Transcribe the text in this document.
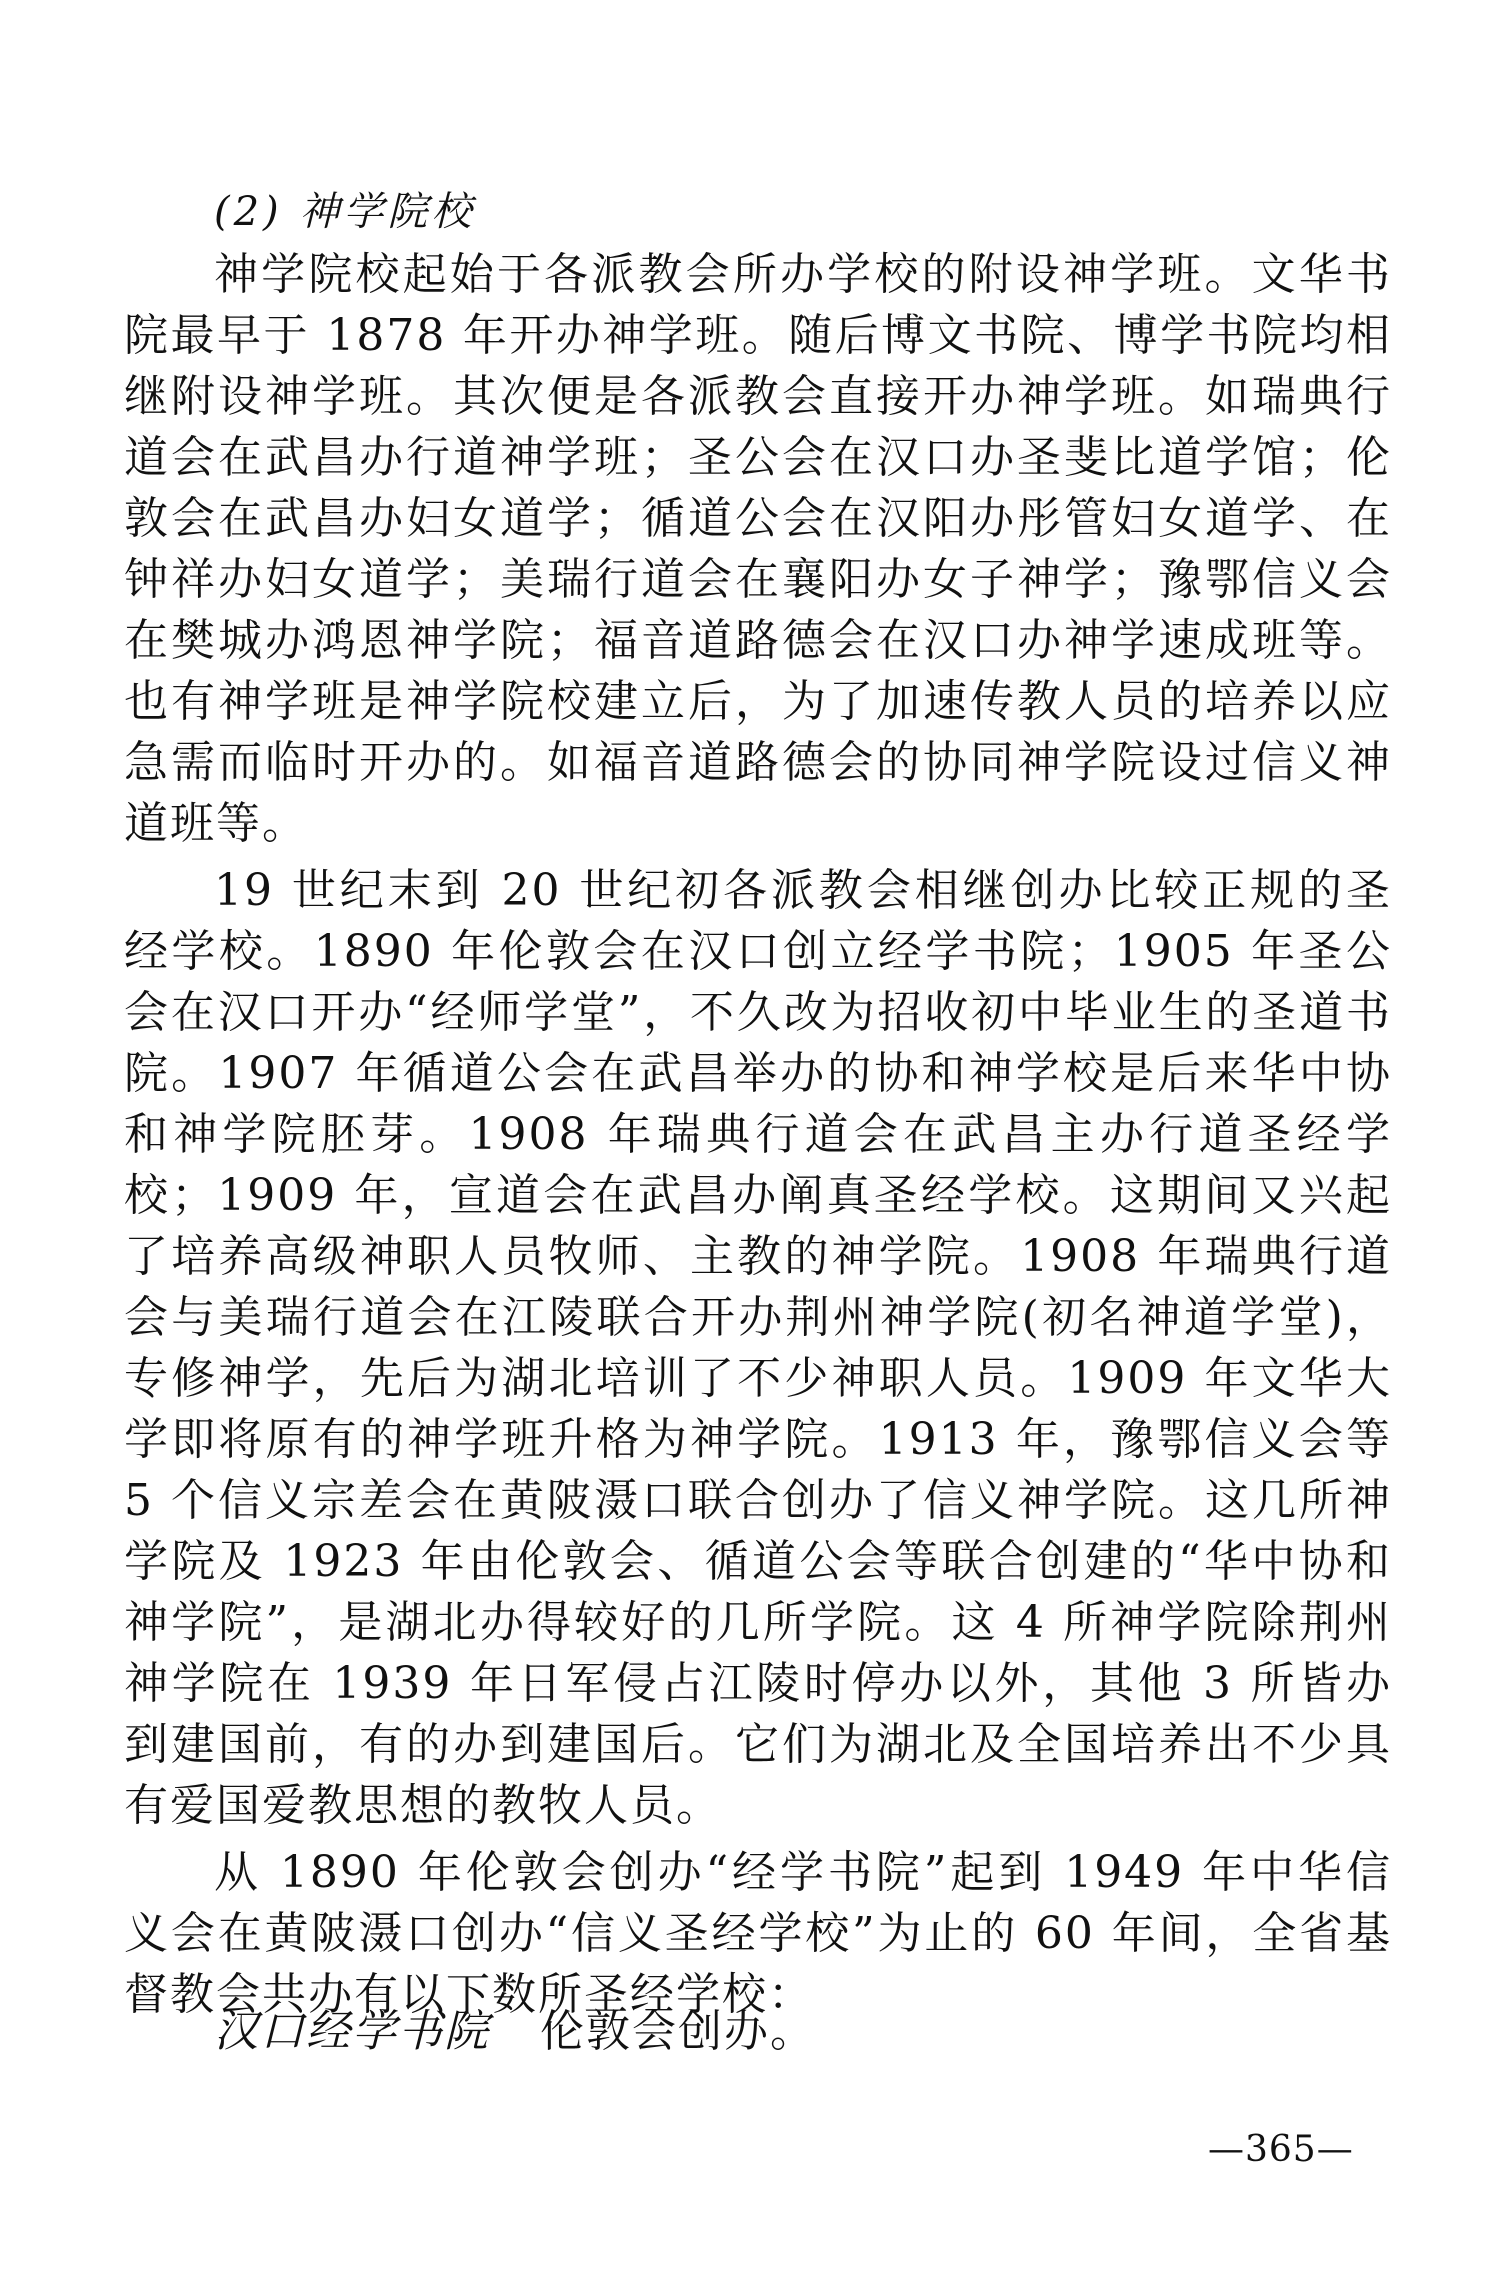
(2) 神学院校

神学院校起始于各派教会所办学校的附设神学班。文华书院最早于 1878 年开办神学班。随后博文书院、博学书院均相继附设神学班。其次便是各派教会直接开办神学班。如瑞典行道会在武昌办行道神学班；圣公会在汉口办圣斐比道学馆；伦敦会在武昌办妇女道学；循道公会在汉阳办彤管妇女道学、在钟祥办妇女道学；美瑞行道会在襄阳办女子神学；豫鄂信义会在樊城办鸿恩神学院；福音道路德会在汉口办神学速成班等。也有神学班是神学院校建立后，为了加速传教人员的培养以应急需而临时开办的。如福音道路德会的协同神学院设过信义神道班等。

19 世纪末到 20 世纪初各派教会相继创办比较正规的圣经学校。1890 年伦敦会在汉口创立经学书院；1905 年圣公会在汉口开办“经师学堂”，不久改为招收初中毕业生的圣道书院。1907 年循道公会在武昌举办的协和神学校是后来华中协和神学院胚芽。1908 年瑞典行道会在武昌主办行道圣经学校；1909 年，宣道会在武昌办阐真圣经学校。这期间又兴起了培养高级神职人员牧师、主教的神学院。1908 年瑞典行道会与美瑞行道会在江陵联合开办荆州神学院(初名神道学堂)，专修神学，先后为湖北培训了不少神职人员。1909 年文华大学即将原有的神学班升格为神学院。1913 年，豫鄂信义会等 5 个信义宗差会在黄陂滠口联合创办了信义神学院。这几所神学院及 1923 年由伦敦会、循道公会等联合创建的“华中协和神学院”，是湖北办得较好的几所学院。这 4 所神学院除荆州神学院在 1939 年日军侵占江陵时停办以外，其他 3 所皆办到建国前，有的办到建国后。它们为湖北及全国培养出不少具有爱国爱教思想的教牧人员。

从 1890 年伦敦会创办“经学书院”起到 1949 年中华信义会在黄陂滠口创办“信义圣经学校”为止的 60 年间，全省基督教会共办有以下数所圣经学校：

汉口经学书院 伦敦会创办。

—365—
